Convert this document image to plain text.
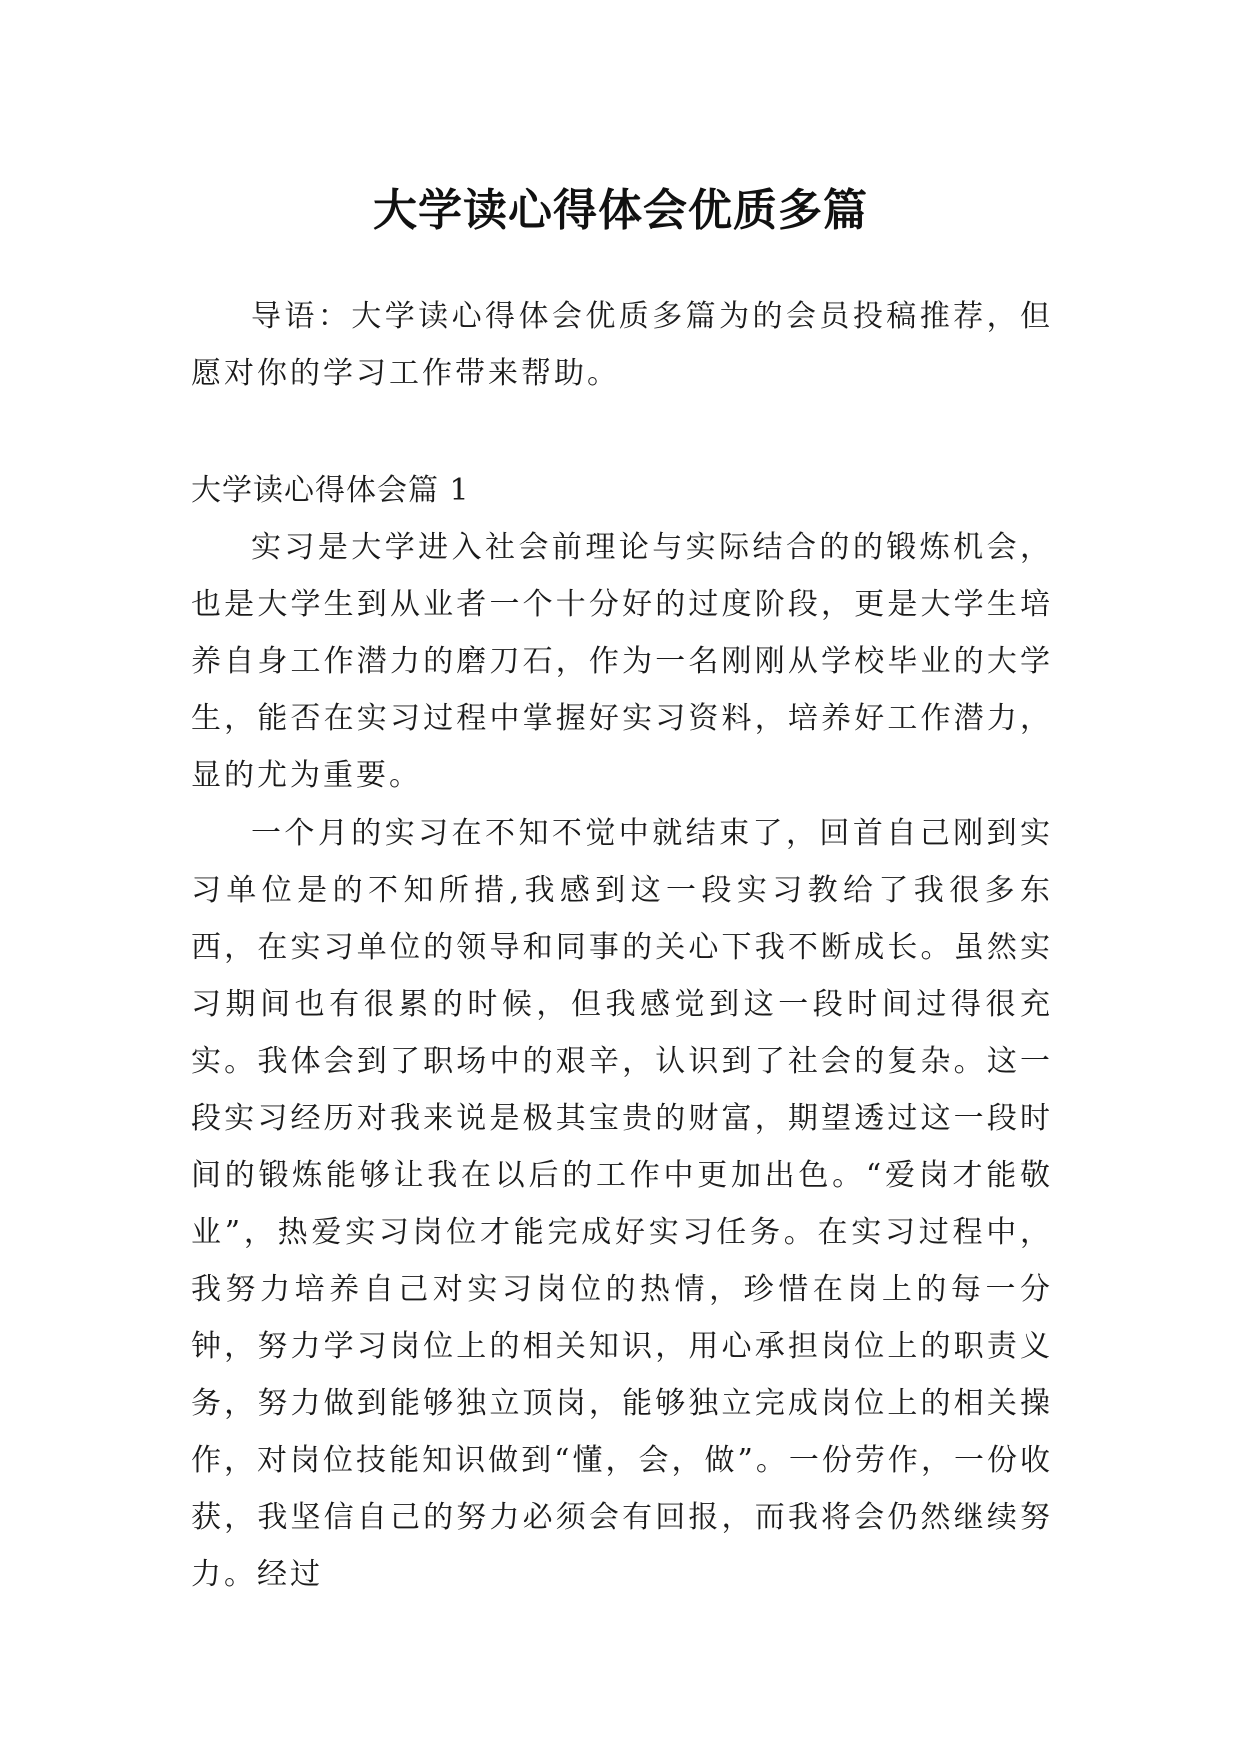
大学读心得体会优质多篇

导语：大学读心得体会优质多篇为的会员投稿推荐，但愿对你的学习工作带来帮助。

大学读心得体会篇 1

实习是大学进入社会前理论与实际结合的的锻炼机会，也是大学生到从业者一个十分好的过度阶段，更是大学生培养自身工作潜力的磨刀石，作为一名刚刚从学校毕业的大学生，能否在实习过程中掌握好实习资料，培养好工作潜力，显的尤为重要。

一个月的实习在不知不觉中就结束了，回首自己刚到实习单位是的不知所措,我感到这一段实习教给了我很多东西，在实习单位的领导和同事的关心下我不断成长。虽然实习期间也有很累的时候，但我感觉到这一段时间过得很充实。我体会到了职场中的艰辛，认识到了社会的复杂。这一段实习经历对我来说是极其宝贵的财富，期望透过这一段时间的锻炼能够让我在以后的工作中更加出色。“爱岗才能敬业”，热爱实习岗位才能完成好实习任务。在实习过程中，我努力培养自己对实习岗位的热情，珍惜在岗上的每一分钟，努力学习岗位上的相关知识，用心承担岗位上的职责义务，努力做到能够独立顶岗，能够独立完成岗位上的相关操作，对岗位技能知识做到“懂，会，做”。一份劳作，一份收获，我坚信自己的努力必须会有回报，而我将会仍然继续努力。经过
